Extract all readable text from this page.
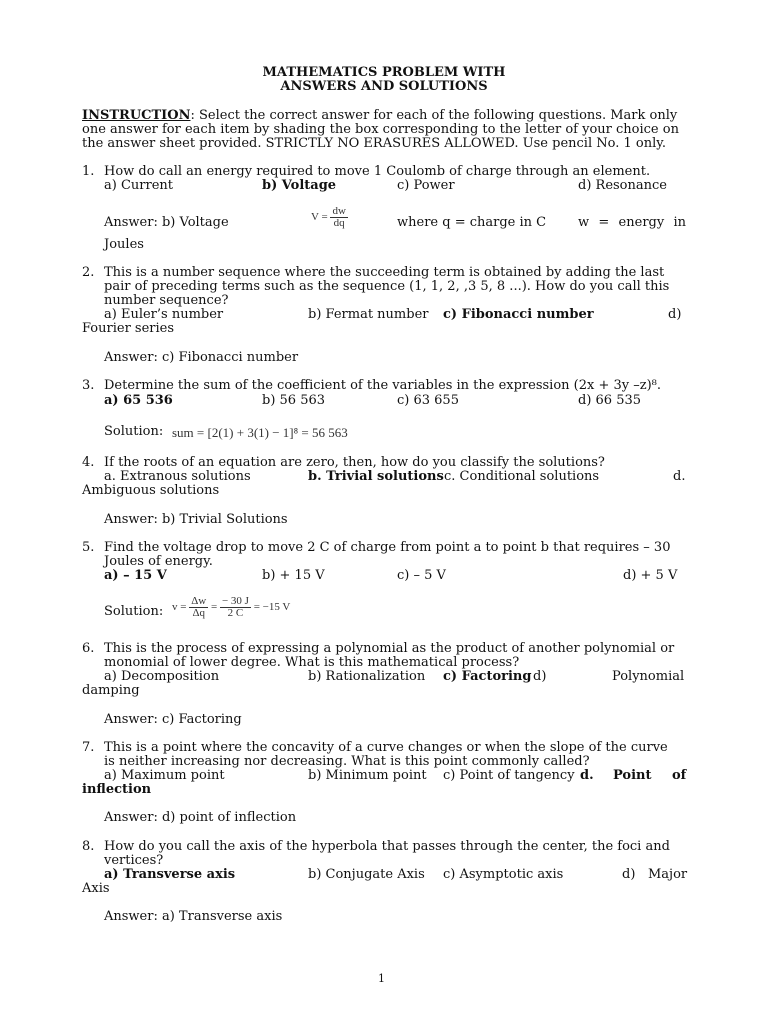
MATHEMATICS PROBLEM WITH
ANSWERS AND SOLUTIONS
INSTRUCTION: Select the correct answer for each of the following questions. Mark only
one answer for each item by shading the box corresponding to the letter of your choice on
the answer sheet provided. STRICTLY NO ERASURES ALLOWED. Use pencil No. 1 only.
1. How do call an energy required to move 1 Coulomb of charge through an element.
a) Current	b) Voltage	c) Power	d) Resonance
Answer: b) Voltage	$V = \frac{dw}{dq}$	where q = charge in C w = energy in
Joules
2. This is a number sequence where the succeeding term is obtained by adding the last
pair of preceding terms such as the sequence (1, 1, 2, ,3 5, 8 ...). How do you call this
number sequence?
a) Euler’s number	b) Fermat number c) Fibonacci number	d)
Fourier series
Answer: c) Fibonacci number
3. Determine the sum of the coefficient of the variables in the expression (2x + 3y –z)⁸.
a) 65 536	b) 56 563	c) 63 655	d) 66 535
Solution: sum = [2(1) + 3(1) − 1]⁸ = 56 563
4. If the roots of an equation are zero, then, how do you classify the solutions?
a. Extranous solutions	b. Trivial solutions c. Conditional solutions	d.
Ambiguous solutions
Answer: b) Trivial Solutions
5. Find the voltage drop to move 2 C of charge from point a to point b that requires – 30
Joules of energy.
a) – 15 V	b) + 15 V	c) – 5 V	d) + 5 V
Solution: $v = \frac{\Delta w}{\Delta q} = \frac{- 30 J}{2 C} = -15$ V
6. This is the process of expressing a polynomial as the product of another polynomial or
monomial of lower degree. What is this mathematical process?
a) Decomposition	b) Rationalization c) Factoring d)	Polynomial
damping
Answer: c) Factoring
7. This is a point where the concavity of a curve changes or when the slope of the curve
is neither increasing nor decreasing. What is this point commonly called?
a) Maximum point	b) Minimum point c) Point of tangency d. Point of
inflection
Answer: d) point of inflection
8. How do you call the axis of the hyperbola that passes through the center, the foci and
vertices?
a) Transverse axis	b) Conjugate Axis c) Asymptotic axis	d) Major
Axis
Answer: a) Transverse axis
1
